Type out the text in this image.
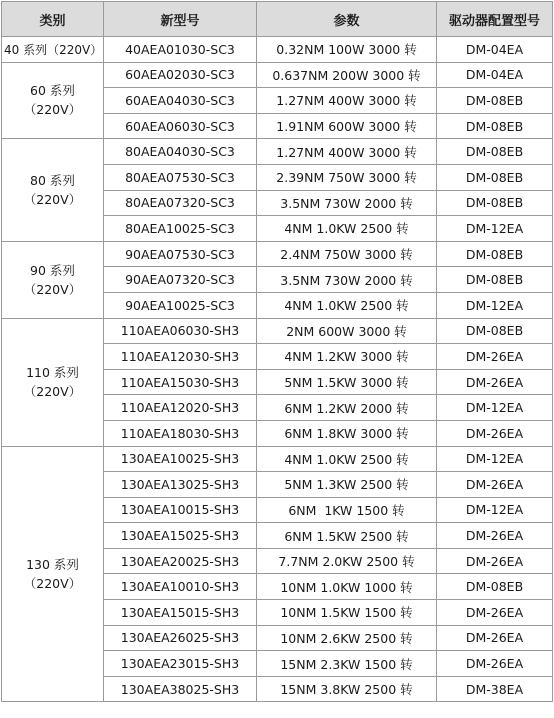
类别	新型号	参数	驱动器配置型号
40 系列（220V）	40AEA01030-SC3	0.32NM 100W 3000 转	DM-04EA

60 系列
（220V）	60AEA02030-SC3	0.637NM 200W 3000 转	DM-04EA
	60AEA04030-SC3	1.27NM 400W 3000 转	DM-08EB
	60AEA06030-SC3	1.91NM 600W 3000 转	DM-08EB

80 系列
（220V）	80AEA04030-SC3	1.27NM 400W 3000 转	DM-08EB
	80AEA07530-SC3	2.39NM 750W 3000 转	DM-08EB
	80AEA07320-SC3	3.5NM 730W 2000 转	DM-08EB
	80AEA10025-SC3	4NM 1.0KW 2500 转	DM-12EA

90 系列
（220V）	90AEA07530-SC3	2.4NM 750W 3000 转	DM-08EB
	90AEA07320-SC3	3.5NM 730W 2000 转	DM-08EB
	90AEA10025-SC3	4NM 1.0KW 2500 转	DM-12EA

110 系列
（220V）	110AEA06030-SH3	2NM 600W 3000 转	DM-08EB
	110AEA12030-SH3	4NM 1.2KW 3000 转	DM-26EA
	110AEA15030-SH3	5NM 1.5KW 3000 转	DM-26EA
	110AEA12020-SH3	6NM 1.2KW 2000 转	DM-12EA
	110AEA18030-SH3	6NM 1.8KW 3000 转	DM-26EA

130 系列
（220V）	130AEA10025-SH3	4NM 1.0KW 2500 转	DM-12EA
	130AEA13025-SH3	5NM 1.3KW 2500 转	DM-26EA
	130AEA10015-SH3	6NM  1KW 1500 转	DM-12EA
	130AEA15025-SH3	6NM 1.5KW 2500 转	DM-26EA
	130AEA20025-SH3	7.7NM 2.0KW 2500 转	DM-26EA
	130AEA10010-SH3	10NM 1.0KW 1000 转	DM-08EB
	130AEA15015-SH3	10NM 1.5KW 1500 转	DM-26EA
	130AEA26025-SH3	10NM 2.6KW 2500 转	DM-26EA
	130AEA23015-SH3	15NM 2.3KW 1500 转	DM-26EA
	130AEA38025-SH3	15NM 3.8KW 2500 转	DM-38EA
